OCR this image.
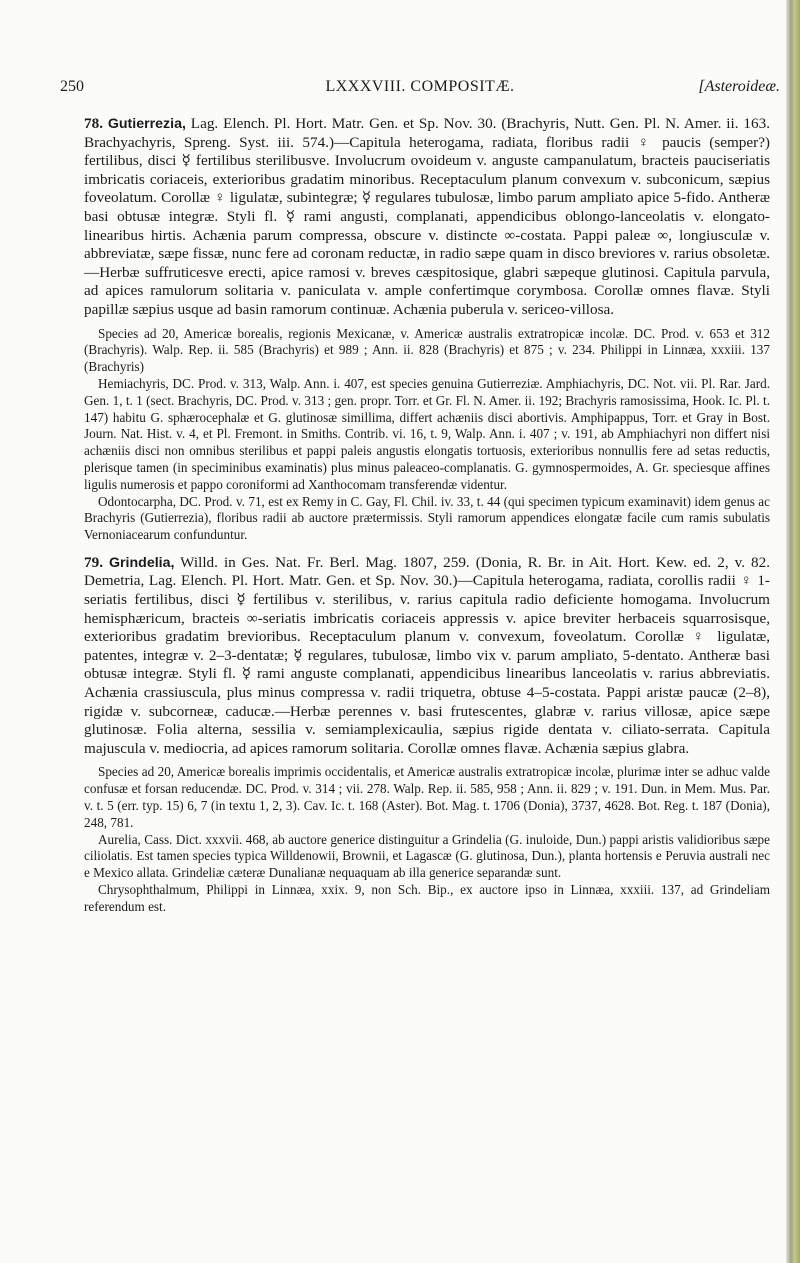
250	LXXXVIII. COMPOSITÆ.	[Asteroideæ.

78. Gutierrezia, Lag. Elench. Pl. Hort. Matr. Gen. et Sp. Nov. 30. (Brachyris, Nutt. Gen. Pl. N. Amer. ii. 163. Brachyachyris, Spreng. Syst. iii. 574.)—Capitula heterogama, radiata, floribus radii ♀ paucis (semper?) fertilibus, disci ☿ fertilibus sterilibusve. Involucrum ovoideum v. anguste campanulatum, bracteis pauciseriatis imbricatis coriaceis, exterioribus gradatim minoribus. Receptaculum planum convexum v. subconicum, sæpius foveolatum. Corollæ ♀ ligulatæ, subintegræ; ☿ regulares tubulosæ, limbo parum ampliato apice 5-fido. Antheræ basi obtusæ integræ. Styli fl. ☿ rami angusti, complanati, appendicibus oblongo-lanceolatis v. elongato-linearibus hirtis. Achænia parum compressa, obscure v. distincte ∞-costata. Pappi paleæ ∞, longiusculæ v. abbreviatæ, sæpe fissæ, nunc fere ad coronam reductæ, in radio sæpe quam in disco breviores v. rarius obsoletæ.—Herbæ suffruticesve erecti, apice ramosi v. breves cæspitosique, glabri sæpeque glutinosi. Capitula parvula, ad apices ramulorum solitaria v. paniculata v. ample confertimque corymbosa. Corollæ omnes flavæ. Styli papillæ sæpius usque ad basin ramorum continuæ. Achænia puberula v. sericeo-villosa.

Species ad 20, Americæ borealis, regionis Mexicanæ, v. Americæ australis extratropicæ incolæ. DC. Prod. v. 653 et 312 (Brachyris). Walp. Rep. ii. 585 (Brachyris) et 989 ; Ann. ii. 828 (Brachyris) et 875 ; v. 234. Philippi in Linnæa, xxxiii. 137 (Brachyris)

Hemiachyris, DC. Prod. v. 313, Walp. Ann. i. 407, est species genuina Gutierreziæ. Amphiachyris, DC. Not. vii. Pl. Rar. Jard. Gen. 1, t. 1 (sect. Brachyris, DC. Prod. v. 313 ; gen. propr. Torr. et Gr. Fl. N. Amer. ii. 192; Brachyris ramosissima, Hook. Ic. Pl. t. 147) habitu G. sphærocephalæ et G. glutinosæ simillima, differt achæniis disci abortivis. Amphipappus, Torr. et Gray in Bost. Journ. Nat. Hist. v. 4, et Pl. Fremont. in Smiths. Contrib. vi. 16, t. 9, Walp. Ann. i. 407 ; v. 191, ab Amphiachyri non differt nisi achæniis disci non omnibus sterilibus et pappi paleis angustis elongatis tortuosis, exterioribus nonnullis fere ad setas reductis, plerisque tamen (in speciminibus examinatis) plus minus paleaceo-complanatis. G. gymnospermoides, A. Gr. speciesque affines ligulis numerosis et pappo coroniformi ad Xanthocomam transferendæ videntur.

Odontocarpha, DC. Prod. v. 71, est ex Remy in C. Gay, Fl. Chil. iv. 33, t. 44 (qui specimen typicum examinavit) idem genus ac Brachyris (Gutierrezia), floribus radii ab auctore prætermissis. Styli ramorum appendices elongatæ facile cum ramis subulatis Vernoniacearum confunduntur.

79. Grindelia, Willd. in Ges. Nat. Fr. Berl. Mag. 1807, 259. (Donia, R. Br. in Ait. Hort. Kew. ed. 2, v. 82. Demetria, Lag. Elench. Pl. Hort. Matr. Gen. et Sp. Nov. 30.)—Capitula heterogama, radiata, corollis radii ♀ 1-seriatis fertilibus, disci ☿ fertilibus v. sterilibus, v. rarius capitula radio deficiente homogama. Involucrum hemisphæricum, bracteis ∞-seriatis imbricatis coriaceis appressis v. apice breviter herbaceis squarrosisque, exterioribus gradatim brevioribus. Receptaculum planum v. convexum, foveolatum. Corollæ ♀ ligulatæ, patentes, integræ v. 2–3-dentatæ; ☿ regulares, tubulosæ, limbo vix v. parum ampliato, 5-dentato. Antheræ basi obtusæ integræ. Styli fl. ☿ rami anguste complanati, appendicibus linearibus lanceolatis v. rarius abbreviatis. Achænia crassiuscula, plus minus compressa v. radii triquetra, obtuse 4–5-costata. Pappi aristæ paucæ (2–8), rigidæ v. subcorneæ, caducæ.—Herbæ perennes v. basi frutescentes, glabræ v. rarius villosæ, apice sæpe glutinosæ. Folia alterna, sessilia v. semiamplexicaulia, sæpius rigide dentata v. ciliato-serrata. Capitula majuscula v. mediocria, ad apices ramorum solitaria. Corollæ omnes flavæ. Achænia sæpius glabra.

Species ad 20, Americæ borealis imprimis occidentalis, et Americæ australis extratropicæ incolæ, plurimæ inter se adhuc valde confusæ et forsan reducendæ. DC. Prod. v. 314 ; vii. 278. Walp. Rep. ii. 585, 958 ; Ann. ii. 829 ; v. 191. Dun. in Mem. Mus. Par. v. t. 5 (err. typ. 15) 6, 7 (in textu 1, 2, 3). Cav. Ic. t. 168 (Aster). Bot. Mag. t. 1706 (Donia), 3737, 4628. Bot. Reg. t. 187 (Donia), 248, 781.

Aurelia, Cass. Dict. xxxvii. 468, ab auctore generice distinguitur a Grindelia (G. inuloide, Dun.) pappi aristis validioribus sæpe ciliolatis. Est tamen species typica Willdenowii, Brownii, et Lagascæ (G. glutinosa, Dun.), planta hortensis e Peruvia australi nec e Mexico allata. Grindeliæ cæteræ Dunalianæ nequaquam ab illa generice separandæ sunt.

Chrysophthalmum, Philippi in Linnæa, xxix. 9, non Sch. Bip., ex auctore ipso in Linnæa, xxxiii. 137, ad Grindeliam referendum est.
